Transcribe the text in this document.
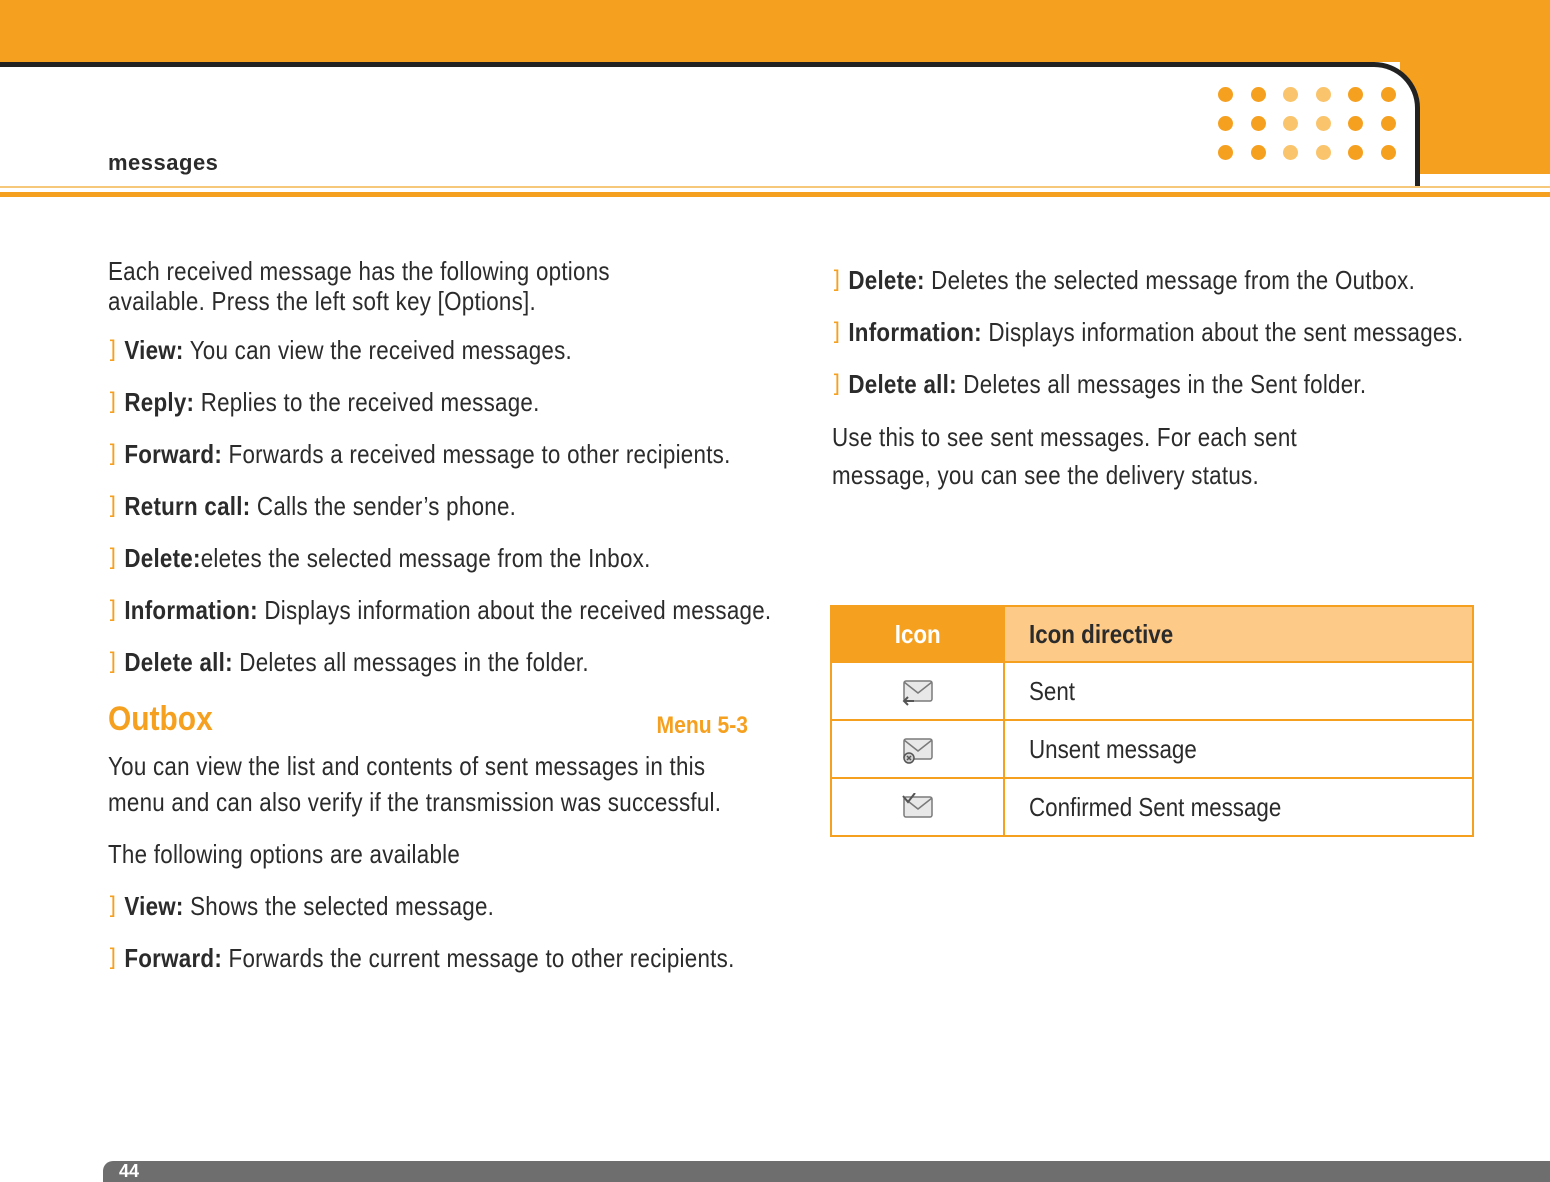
messages
Each received message has the following options available. Press the left soft key [Options].
] View: You can view the received messages.
] Reply: Replies to the received message.
] Forward: Forwards a received message to other recipients.
] Return call: Calls the sender’s phone.
] Delete:eletes the selected message from the Inbox.
] Information: Displays information about the received message.
] Delete all: Deletes all messages in the folder.
Outbox	Menu 5-3
You can view the list and contents of sent messages in this menu and can also verify if the transmission was successful.
The following options are available
] View: Shows the selected message.
] Forward: Forwards the current message to other recipients.
] Delete: Deletes the selected message from the Outbox.
] Information: Displays information about the sent messages.
] Delete all: Deletes all messages in the Sent folder.
Use this to see sent messages. For each sent message, you can see the delivery status.
Icon	Icon directive
	Sent
	Unsent message
	Confirmed Sent message
44
